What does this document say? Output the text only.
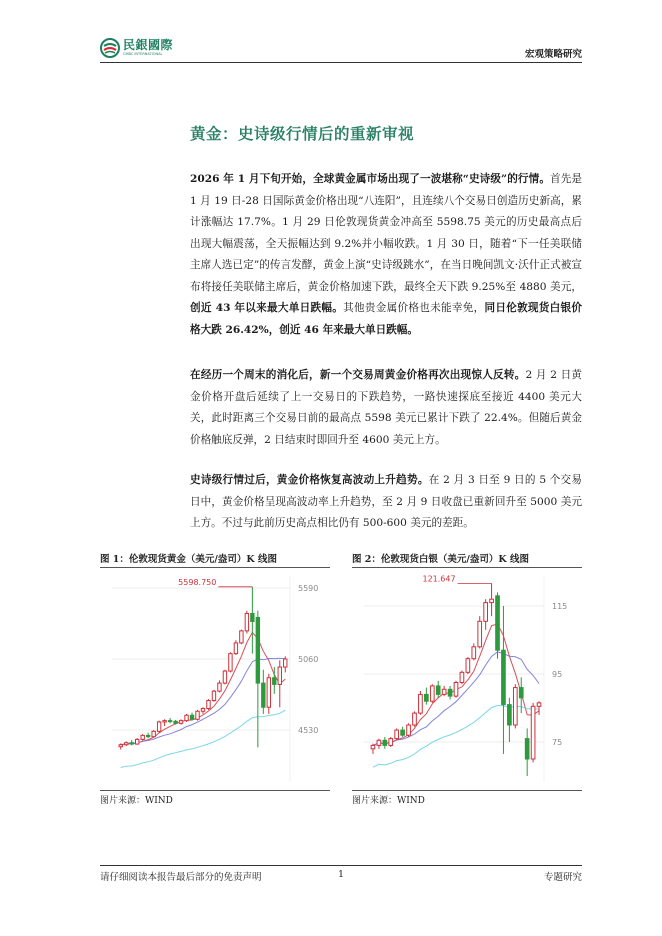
民銀國際
CMBC INTERNATIONAL	宏观策略研究
黄金：史诗级行情后的重新审视
2026 年 1 月下旬开始，全球黄金属市场出现了一波堪称“史诗级”的行情。首先是 1 月 19 日-28 日国际黄金价格出现“八连阳”，且连续八个交易日创造历史新高，累计涨幅达 17.7%。1 月 29 日伦敦现货黄金冲高至 5598.75 美元的历史最高点后出现大幅震荡，全天振幅达到 9.2%并小幅收跌。1 月 30 日，随着“下一任美联储主席人选已定”的传言发酵，黄金上演“史诗级跳水”，在当日晚间凯文·沃什正式被宣布将接任美联储主席后，黄金价格加速下跌，最终全天下跌 9.25%至 4880 美元，创近 43 年以来最大单日跌幅。其他贵金属价格也未能幸免，同日伦敦现货白银价格大跌 26.42%，创近 46 年来最大单日跌幅。
在经历一个周末的消化后，新一个交易周黄金价格再次出现惊人反转。2 月 2 日黄金价格开盘后延续了上一交易日的下跌趋势，一路快速探底至接近 4400 美元大关，此时距离三个交易日前的最高点 5598 美元已累计下跌了 22.4%。但随后黄金价格触底反弹，2 日结束时即回升至 4600 美元上方。
史诗级行情过后，黄金价格恢复高波动上升趋势。在 2 月 3 日至 9 日的 5 个交易日中，黄金价格呈现高波动率上升趋势，至 2 月 9 日收盘已重新回升至 5000 美元上方。不过与此前历史高点相比仍有 500-600 美元的差距。
图 1：伦敦现货黄金（美元/盎司）K 线图
5590
5060
4530
5598.750
图片来源：WIND
图 2：伦敦现货白银（美元/盎司）K 线图
115
95
75
121.647
图片来源：WIND
请仔细阅读本报告最后部分的免责声明	1	专题研究
